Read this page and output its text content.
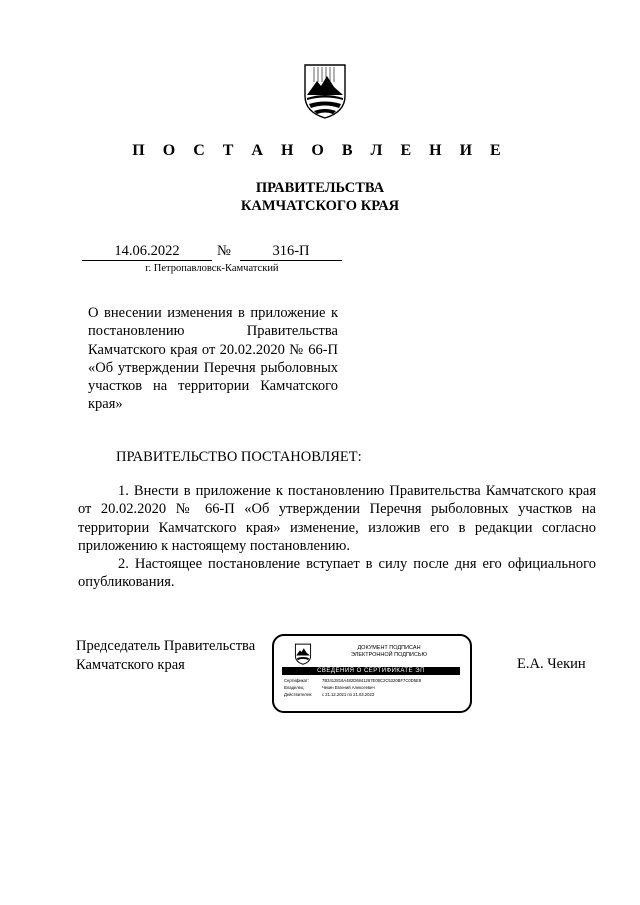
П О С Т А Н О В Л Е Н И Е
ПРАВИТЕЛЬСТВА
КАМЧАТСКОГО КРАЯ
14.06.2022	№	316-П
г. Петропавловск-Камчатский
О внесении изменения в приложение к постановлению Правительства Камчатского края от 20.02.2020 № 66-П «Об утверждении Перечня рыболовных участков на территории Камчатского края»
ПРАВИТЕЛЬСТВО ПОСТАНОВЛЯЕТ:

1. Внести в приложение к постановлению Правительства Камчатского края от 20.02.2020 № 66-П «Об утверждении Перечня рыболовных участков на территории Камчатского края» изменение, изложив его в редакции согласно приложению к настоящему постановлению.

2. Настоящее постановление вступает в силу после дня его официального опубликования.

Председатель Правительства
Камчатского края
ДОКУМЕНТ ПОДПИСАН
ЭЛЕКТРОННОЙ ПОДПИСЬЮ
СВЕДЕНИЯ О СЕРТИФИКАТЕ ЭП
Сертификат:	7B3412816A482D6841267E08C2C5320BF7C0D5E8
Владелец:	Чекин Евгений Алексеевич
Действителен: с 21.12.2021 по 21.03.2023
Е.А. Чекин
